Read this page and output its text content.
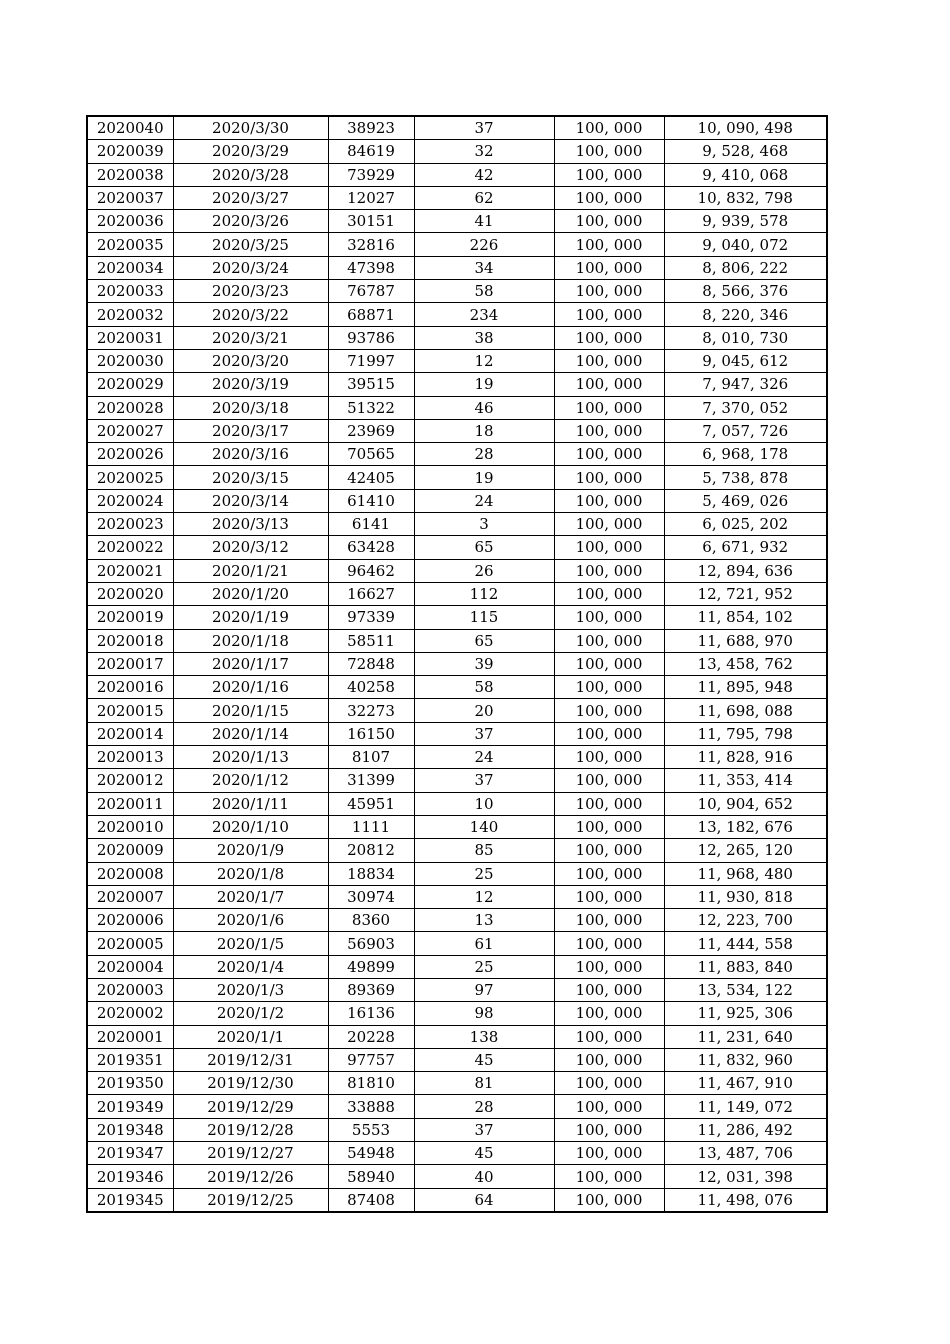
2020040	2020/3/30	38923	37	100, 000	10, 090, 498
2020039	2020/3/29	84619	32	100, 000	9, 528, 468
2020038	2020/3/28	73929	42	100, 000	9, 410, 068
2020037	2020/3/27	12027	62	100, 000	10, 832, 798
2020036	2020/3/26	30151	41	100, 000	9, 939, 578
2020035	2020/3/25	32816	226	100, 000	9, 040, 072
2020034	2020/3/24	47398	34	100, 000	8, 806, 222
2020033	2020/3/23	76787	58	100, 000	8, 566, 376
2020032	2020/3/22	68871	234	100, 000	8, 220, 346
2020031	2020/3/21	93786	38	100, 000	8, 010, 730
2020030	2020/3/20	71997	12	100, 000	9, 045, 612
2020029	2020/3/19	39515	19	100, 000	7, 947, 326
2020028	2020/3/18	51322	46	100, 000	7, 370, 052
2020027	2020/3/17	23969	18	100, 000	7, 057, 726
2020026	2020/3/16	70565	28	100, 000	6, 968, 178
2020025	2020/3/15	42405	19	100, 000	5, 738, 878
2020024	2020/3/14	61410	24	100, 000	5, 469, 026
2020023	2020/3/13	6141	3	100, 000	6, 025, 202
2020022	2020/3/12	63428	65	100, 000	6, 671, 932
2020021	2020/1/21	96462	26	100, 000	12, 894, 636
2020020	2020/1/20	16627	112	100, 000	12, 721, 952
2020019	2020/1/19	97339	115	100, 000	11, 854, 102
2020018	2020/1/18	58511	65	100, 000	11, 688, 970
2020017	2020/1/17	72848	39	100, 000	13, 458, 762
2020016	2020/1/16	40258	58	100, 000	11, 895, 948
2020015	2020/1/15	32273	20	100, 000	11, 698, 088
2020014	2020/1/14	16150	37	100, 000	11, 795, 798
2020013	2020/1/13	8107	24	100, 000	11, 828, 916
2020012	2020/1/12	31399	37	100, 000	11, 353, 414
2020011	2020/1/11	45951	10	100, 000	10, 904, 652
2020010	2020/1/10	1111	140	100, 000	13, 182, 676
2020009	2020/1/9	20812	85	100, 000	12, 265, 120
2020008	2020/1/8	18834	25	100, 000	11, 968, 480
2020007	2020/1/7	30974	12	100, 000	11, 930, 818
2020006	2020/1/6	8360	13	100, 000	12, 223, 700
2020005	2020/1/5	56903	61	100, 000	11, 444, 558
2020004	2020/1/4	49899	25	100, 000	11, 883, 840
2020003	2020/1/3	89369	97	100, 000	13, 534, 122
2020002	2020/1/2	16136	98	100, 000	11, 925, 306
2020001	2020/1/1	20228	138	100, 000	11, 231, 640
2019351	2019/12/31	97757	45	100, 000	11, 832, 960
2019350	2019/12/30	81810	81	100, 000	11, 467, 910
2019349	2019/12/29	33888	28	100, 000	11, 149, 072
2019348	2019/12/28	5553	37	100, 000	11, 286, 492
2019347	2019/12/27	54948	45	100, 000	13, 487, 706
2019346	2019/12/26	58940	40	100, 000	12, 031, 398
2019345	2019/12/25	87408	64	100, 000	11, 498, 076
